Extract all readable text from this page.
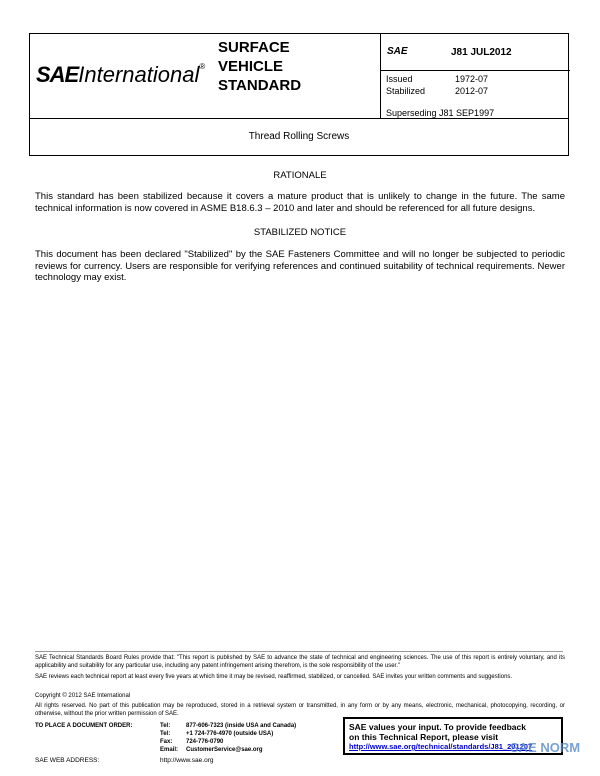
SAEInternational®
SURFACE
VEHICLE
STANDARD
SAE	J81 JUL2012
Issued	1972-07
Stabilized	2012-07
Superseding J81 SEP1997
Thread Rolling Screws
RATIONALE
This standard has been stabilized because it covers a mature product that is unlikely to change in the future. The same technical information is now covered in ASME B18.6.3 – 2010 and later and should be referenced for all future designs.
STABILIZED NOTICE
This document has been declared "Stabilized" by the SAE Fasteners Committee and will no longer be subjected to periodic reviews for currency. Users are responsible for verifying references and continued suitability of technical requirements. Newer technology may exist.
SAE Technical Standards Board Rules provide that: "This report is published by SAE to advance the state of technical and engineering sciences. The use of this report is entirely voluntary, and its applicability and suitability for any particular use, including any patent infringement arising therefrom, is the sole responsibility of the user."
SAE reviews each technical report at least every five years at which time it may be revised, reaffirmed, stabilized, or cancelled. SAE invites your written comments and suggestions.
Copyright © 2012 SAE International
All rights reserved. No part of this publication may be reproduced, stored in a retrieval system or transmitted, in any form or by any means, electronic, mechanical, photocopying, recording, or otherwise, without the prior written permission of SAE.
TO PLACE A DOCUMENT ORDER:	Tel:	877-606-7323 (inside USA and Canada)
Tel:	+1 724-776-4970 (outside USA)
Fax: 724-776-0790
Email: CustomerService@sae.org
SAE WEB ADDRESS:	http://www.sae.org
SAE values your input. To provide feedback
on this Technical Report, please visit
http://www.sae.org/technical/standards/J81_201207
SAE NORM
